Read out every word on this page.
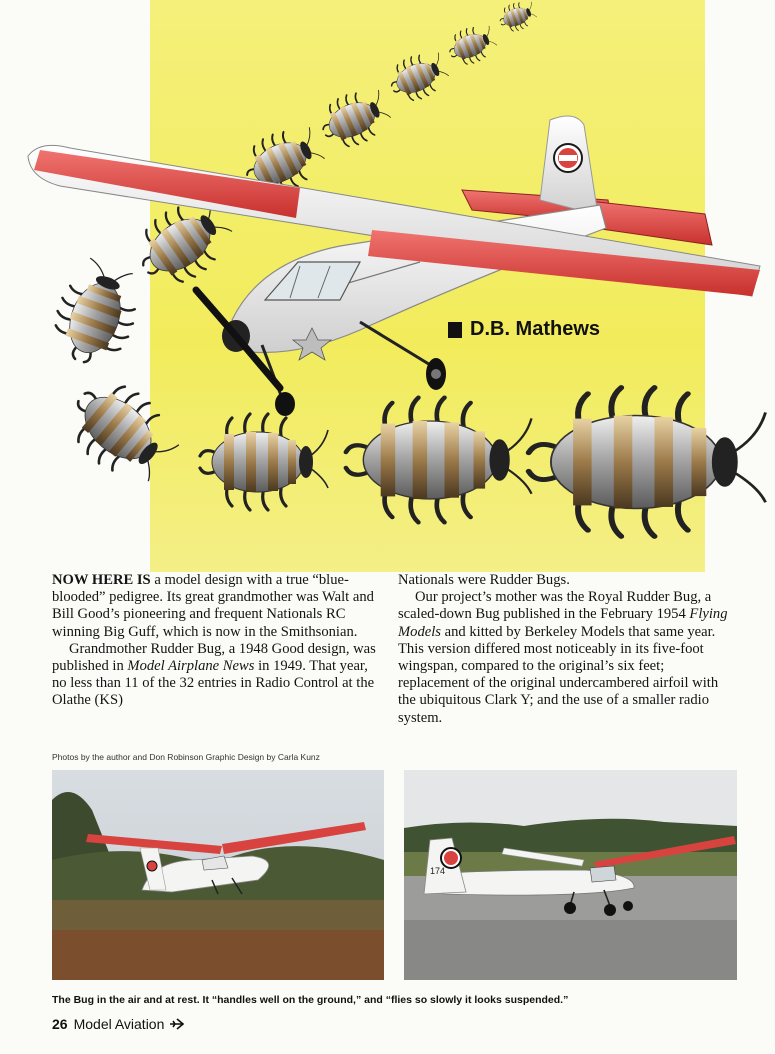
D.B. Mathews

NOW HERE IS a model design with a true “blue-blooded” pedigree. Its great grandmother was Walt and Bill Good’s pioneering and frequent Nationals RC winning Big Guff, which is now in the Smithsonian.

Grandmother Rudder Bug, a 1948 Good design, was published in Model Airplane News in 1949. That year, no less than 11 of the 32 entries in Radio Control at the Olathe (KS)

Nationals were Rudder Bugs.

Our project’s mother was the Royal Rudder Bug, a scaled-down Bug published in the February 1954 Flying Models and kitted by Berkeley Models that same year. This version differed most noticeably in its five-foot wingspan, compared to the original’s six feet; replacement of the original undercambered airfoil with the ubiquitous Clark Y; and the use of a smaller radio system.

Photos by the author and Don Robinson Graphic Design by Carla Kunz
174
The Bug in the air and at rest. It “handles well on the ground,” and “flies so slowly it looks suspended.”
26 Model Aviation
